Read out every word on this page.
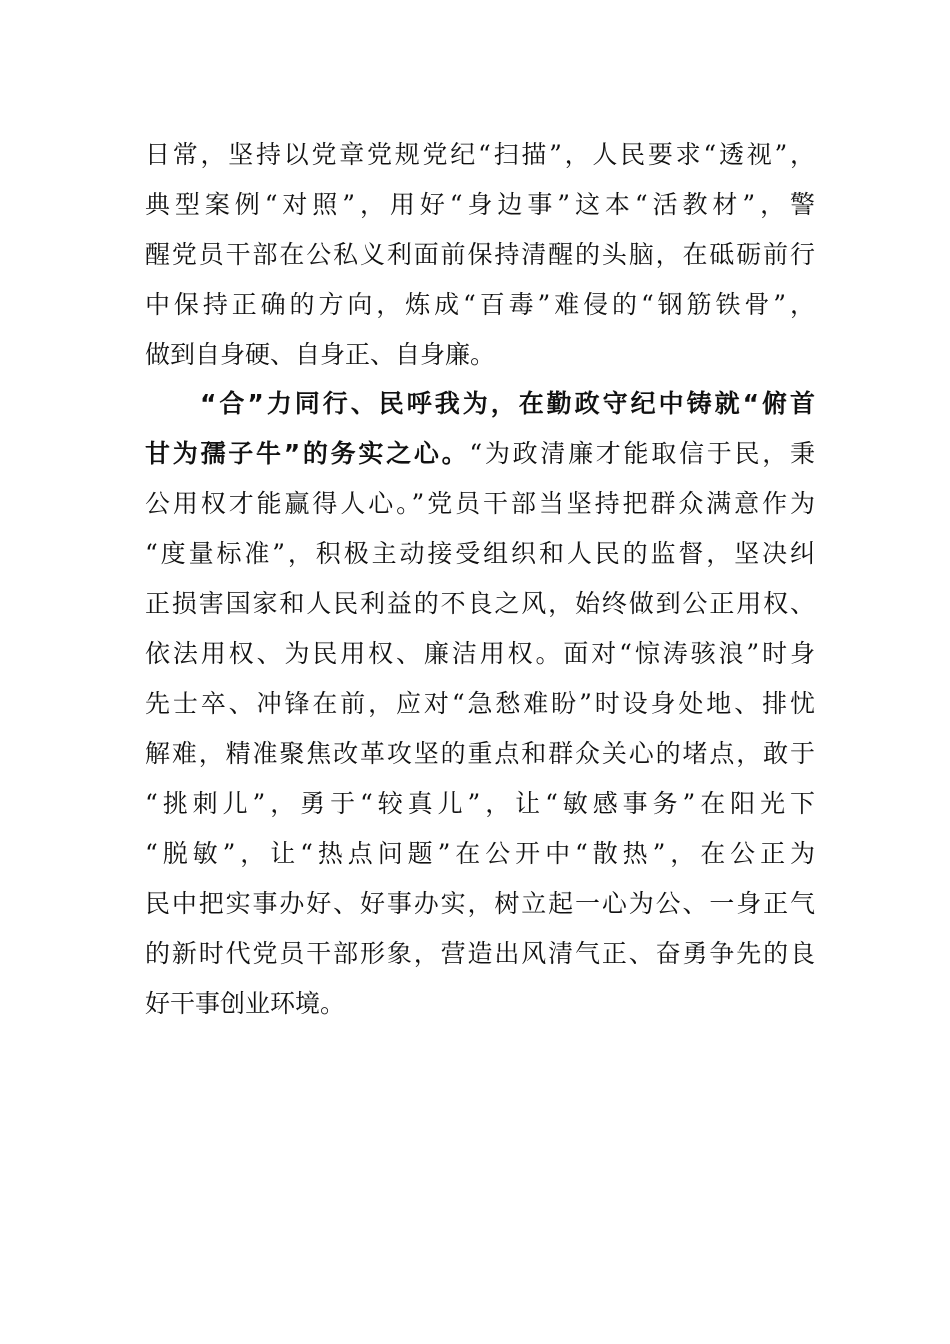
日常，坚持以党章党规党纪“扫描”，人民要求“透视”，
典型案例“对照”，用好“身边事”这本“活教材”，警
醒党员干部在公私义利面前保持清醒的头脑，在砥砺前行
中保持正确的方向，炼成“百毒”难侵的“钢筋铁骨”，
做到自身硬、自身正、自身廉。
“合”力同行、民呼我为，在勤政守纪中铸就“俯首
甘为孺子牛”的务实之心。“为政清廉才能取信于民，秉
公用权才能赢得人心。”党员干部当坚持把群众满意作为
“度量标准”，积极主动接受组织和人民的监督，坚决纠
正损害国家和人民利益的不良之风，始终做到公正用权、
依法用权、为民用权、廉洁用权。面对“惊涛骇浪”时身
先士卒、冲锋在前，应对“急愁难盼”时设身处地、排忧
解难，精准聚焦改革攻坚的重点和群众关心的堵点，敢于
“挑刺儿”，勇于“较真儿”，让“敏感事务”在阳光下
“脱敏”，让“热点问题”在公开中“散热”，在公正为
民中把实事办好、好事办实，树立起一心为公、一身正气
的新时代党员干部形象，营造出风清气正、奋勇争先的良
好干事创业环境。
